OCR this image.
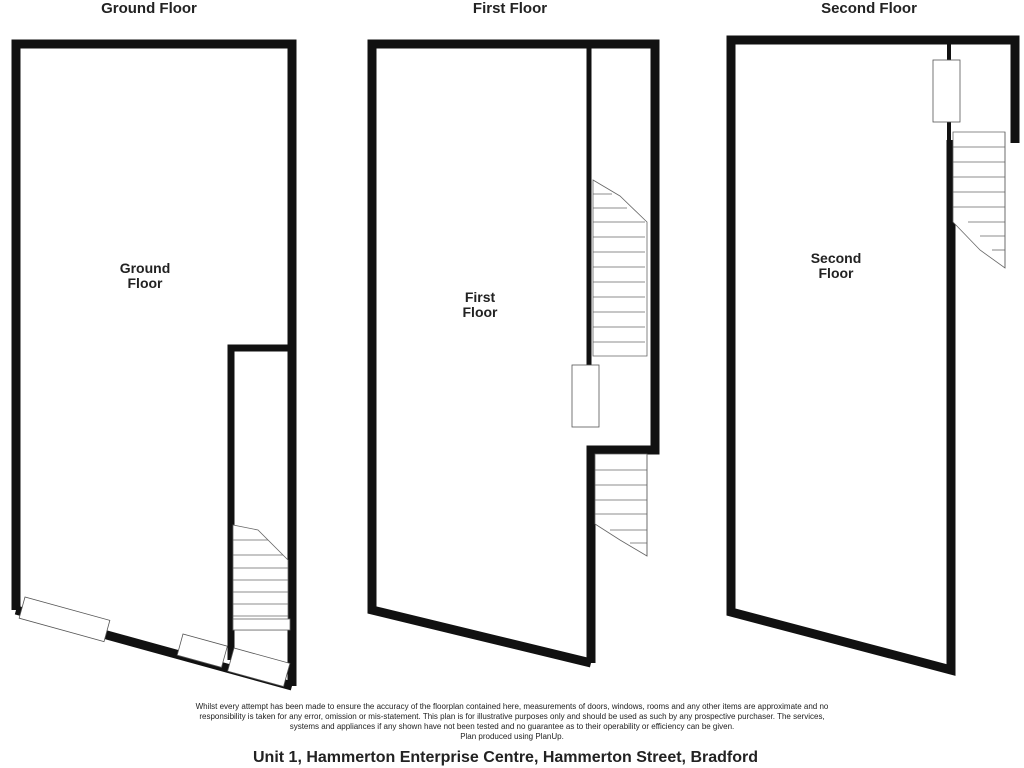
Ground Floor	First Floor	Second Floor
Ground
Floor
First
Floor
Second
Floor
Whilst every attempt has been made to ensure the accuracy of the floorplan contained here, measurements of doors, windows, rooms and any other items are approximate and no
responsibility is taken for any error, omission or mis-statement. This plan is for illustrative purposes only and should be used as such by any prospective purchaser. The services,
systems and appliances if any shown have not been tested and no guarantee as to their operability or efficiency can be given.
Plan produced using PlanUp.
Unit 1, Hammerton Enterprise Centre, Hammerton Street, Bradford
